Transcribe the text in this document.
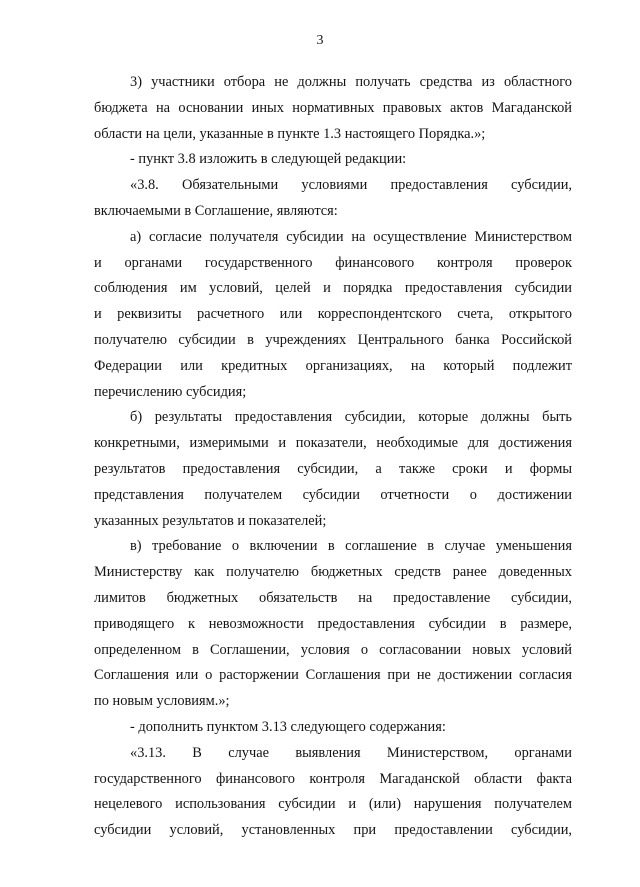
3
3) участники отбора не должны получать средства из областного
бюджета на основании иных нормативных правовых актов Магаданской
области на цели, указанные в пункте 1.3 настоящего Порядка.»;
- пункт 3.8 изложить в следующей редакции:
«3.8. Обязательными условиями предоставления субсидии,
включаемыми в Соглашение, являются:
а) согласие получателя субсидии на осуществление Министерством
и органами государственного финансового контроля проверок
соблюдения им условий, целей и порядка предоставления субсидии
и реквизиты расчетного или корреспондентского счета, открытого
получателю субсидии в учреждениях Центрального банка Российской
Федерации или кредитных организациях, на который подлежит
перечислению субсидия;
б) результаты предоставления субсидии, которые должны быть
конкретными, измеримыми и показатели, необходимые для достижения
результатов предоставления субсидии, а также сроки и формы
представления получателем субсидии отчетности о достижении
указанных результатов и показателей;
в) требование о включении в соглашение в случае уменьшения
Министерству как получателю бюджетных средств ранее доведенных
лимитов бюджетных обязательств на предоставление субсидии,
приводящего к невозможности предоставления субсидии в размере,
определенном в Соглашении, условия о согласовании новых условий
Соглашения или о расторжении Соглашения при не достижении согласия
по новым условиям.»;
- дополнить пунктом 3.13 следующего содержания:
«3.13. В случае выявления Министерством, органами
государственного финансового контроля Магаданской области факта
нецелевого использования субсидии и (или) нарушения получателем
субсидии условий, установленных при предоставлении субсидии,
